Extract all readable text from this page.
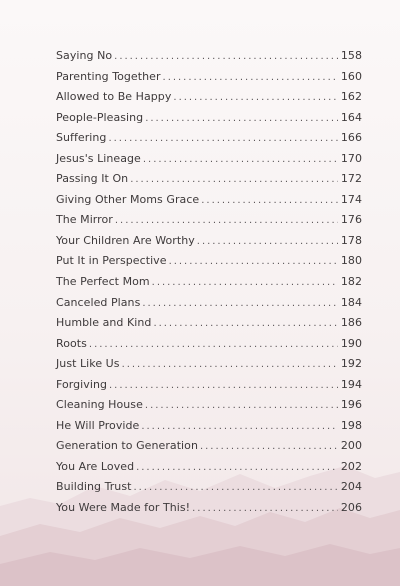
Saying No . . .	158
Parenting Together . . .	160
Allowed to Be Happy . . .	162
People-Pleasing . . .	164
Suffering . . .	166
Jesus's Lineage . . .	170
Passing It On . . .	172
Giving Other Moms Grace . . .	174
The Mirror . . .	176
Your Children Are Worthy . . .	178
Put It in Perspective . . .	180
The Perfect Mom . . .	182
Canceled Plans . . .	184
Humble and Kind . . .	186
Roots . . .	190
Just Like Us . . .	192
Forgiving . . .	194
Cleaning House . . .	196
He Will Provide . . .	198
Generation to Generation . . .	200
You Are Loved . . .	202
Building Trust . . .	204
You Were Made for This! . . .	206
